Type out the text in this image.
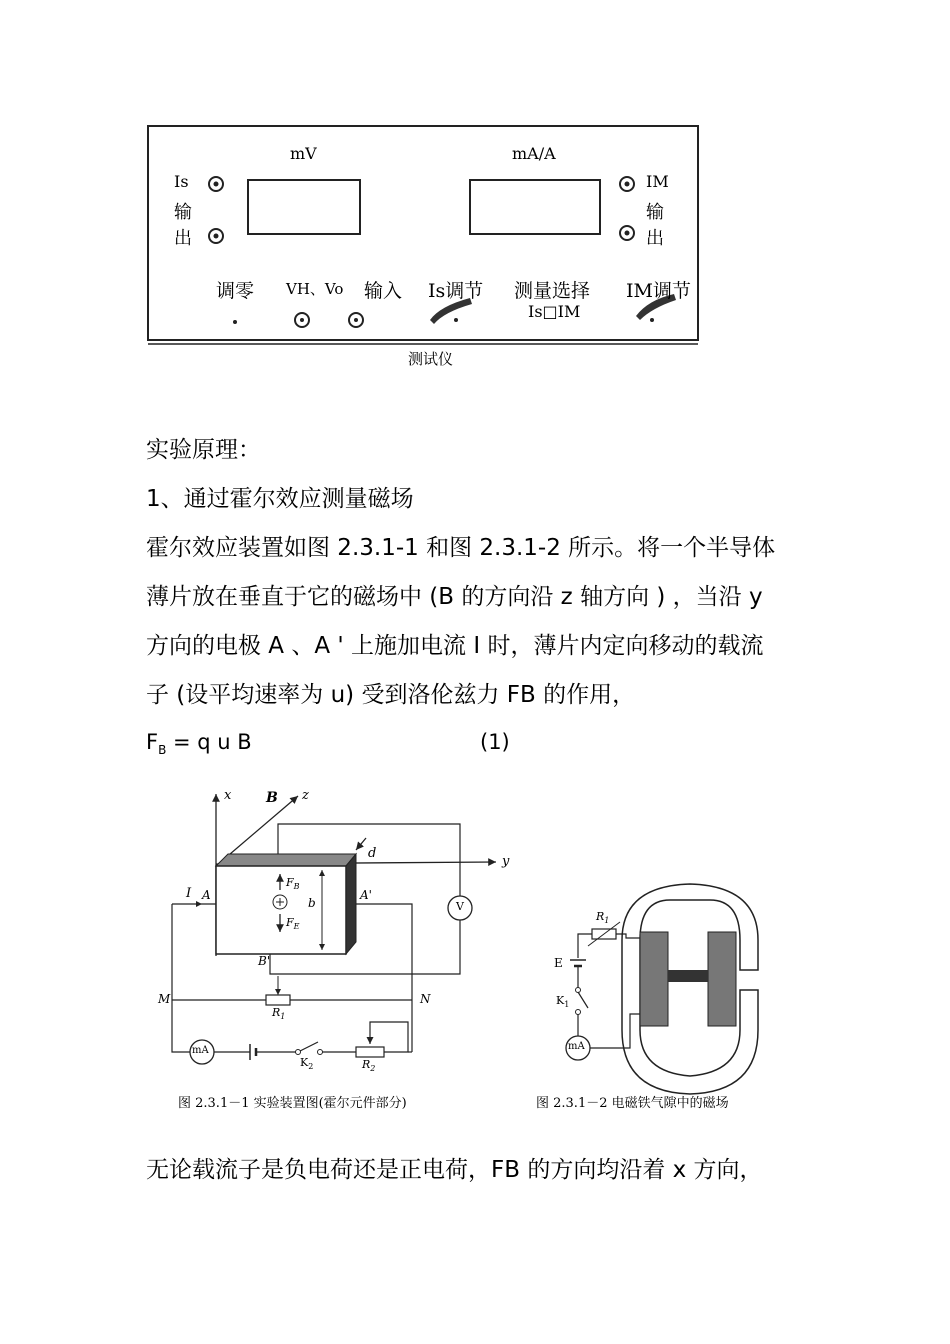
mV	mA/A
Is
输
出
IM
输
出
调零 VH、Vo 输入 Is调节 测量选择
Is□IM
IM调节
测试仪
实验原理：
1、通过霍尔效应测量磁场
霍尔效应装置如图 2.3.1-1 和图 2.3.1-2 所示。将一个半导体
薄片放在垂直于它的磁场中 (B 的方向沿 z 轴方向 ) ，当沿 y
方向的电极 A 、A ' 上施加电流 I 时，薄片内定向移动的载流
子 (设平均速率为 u) 受到洛伦兹力 FB 的作用，
$F_B = q$ u B	(1)
x B z
y
d
I A	A'
B'
$F_B$
$F_E$
b	V
M	N
$R_1$
mA
$K_2$	$R_2$
图 2.3.1－1 实验装置图(霍尔元件部分)
$R_1$
E
$K_1$
mA
图 2.3.1－2 电磁铁气隙中的磁场
无论载流子是负电荷还是正电荷，FB 的方向均沿着 x 方向，
